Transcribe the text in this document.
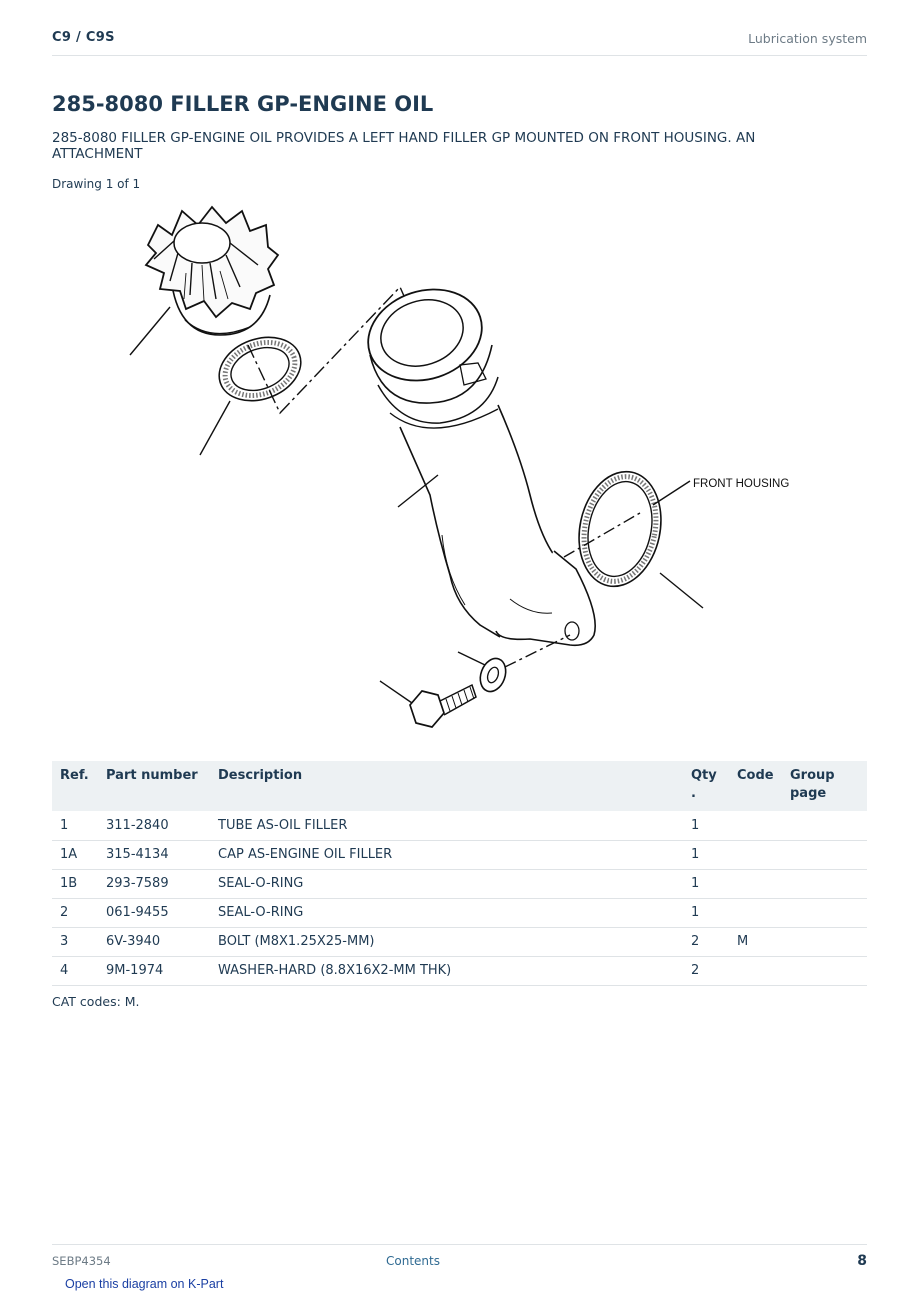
C9 / C9S	Lubrication system
285-8080 FILLER GP-ENGINE OIL

285-8080 FILLER GP-ENGINE OIL PROVIDES A LEFT HAND FILLER GP MOUNTED ON FRONT HOUSING. AN ATTACHMENT

Drawing 1 of 1
FRONT HOUSING
Ref.	Part number	Description	Qty .	Code	Group page
1	311-2840	TUBE AS-OIL FILLER	1		
1A	315-4134	CAP AS-ENGINE OIL FILLER	1		
1B	293-7589	SEAL-O-RING	1		
2	061-9455	SEAL-O-RING	1		
3	6V-3940	BOLT (M8X1.25X25-MM)	2	M	
4	9M-1974	WASHER-HARD (8.8X16X2-MM THK)	2		
CAT codes: M.
SEBP4354	Contents	8
Open this diagram on K-Part
